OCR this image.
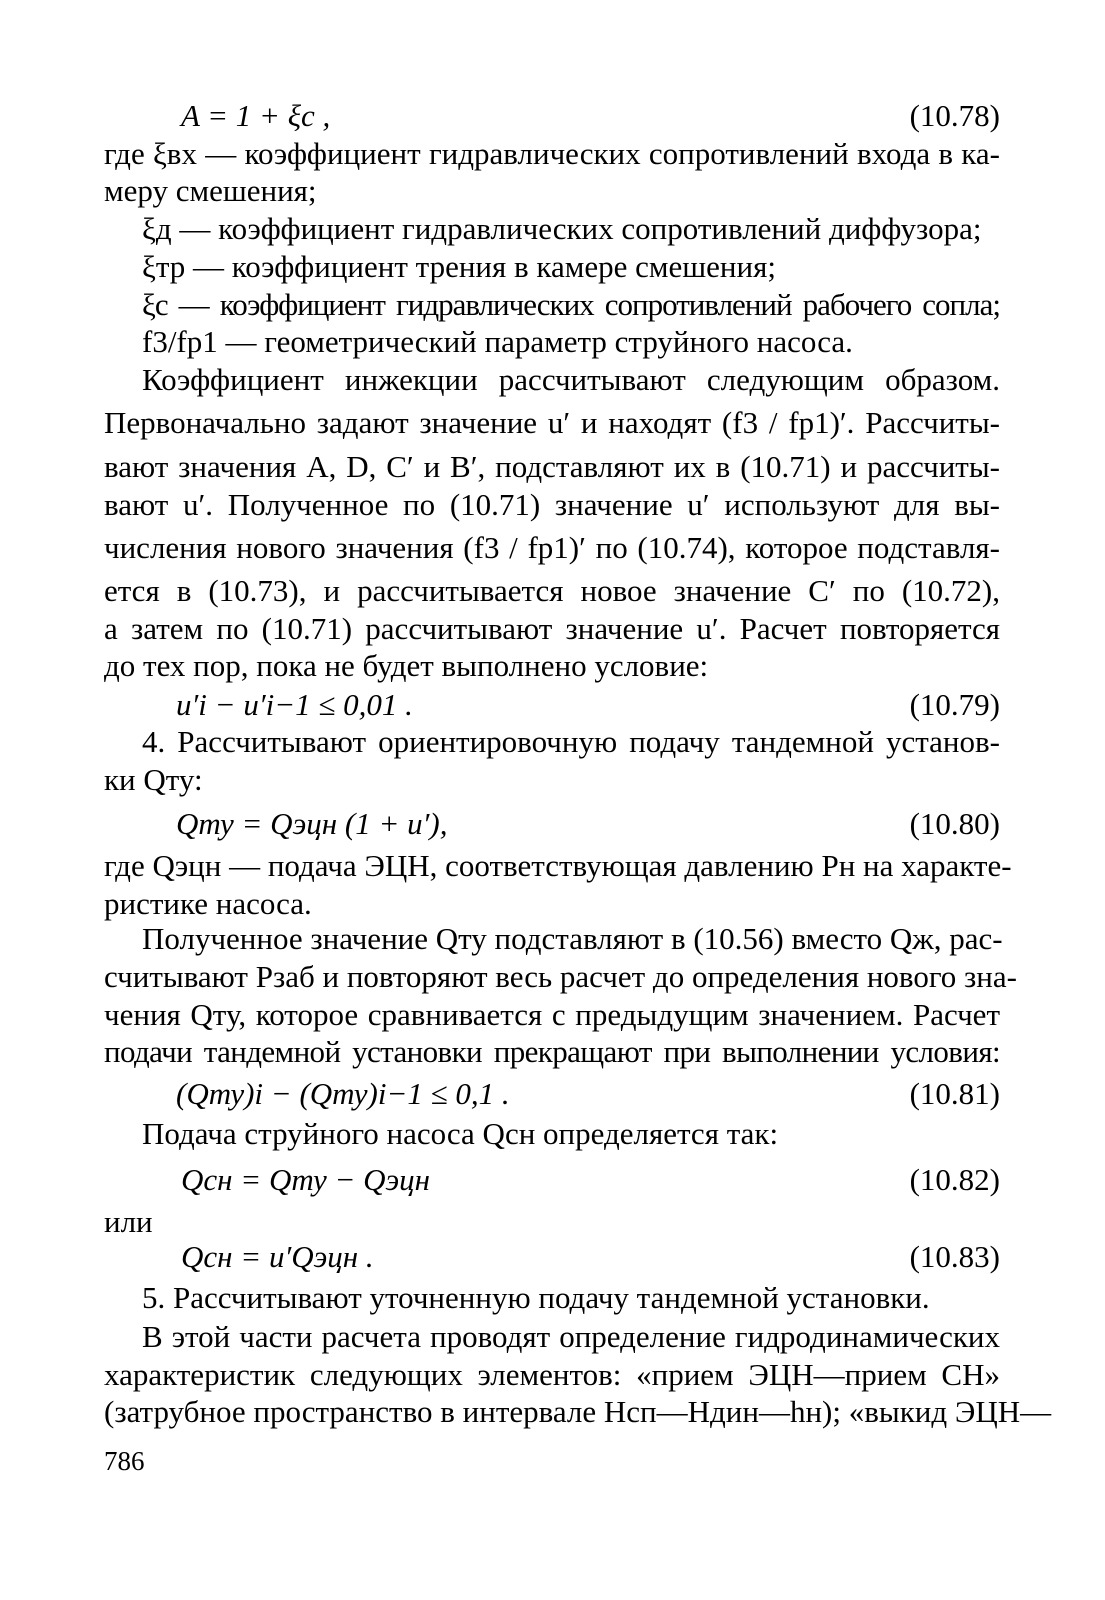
A = 1 + ξс ,	(10.78)
где ξвх — коэффициент гидравлических сопротивлений входа в ка-
меру смешения;
ξд — коэффициент гидравлических сопротивлений диффузора;
ξтр — коэффициент трения в камере смешения;
ξс — коэффициент гидравлических сопротивлений рабочего сопла;
f3/fр1 — геометрический параметр струйного насоса.
Коэффициент инжекции рассчитывают следующим образом.
Первоначально задают значение u′ и находят (f3 / fр1)′. Рассчиты-
вают значения A, D, C′ и B′, подставляют их в (10.71) и рассчиты-
вают u′. Полученное по (10.71) значение u′ используют для вы-
числения нового значения (f3 / fр1)′ по (10.74), которое подставля-
ется в (10.73), и рассчитывается новое значение C′ по (10.72),
а затем по (10.71) рассчитывают значение u′. Расчет повторяется
до тех пор, пока не будет выполнено условие:
u′i − u′i−1 ≤ 0,01 .	(10.79)
4. Рассчитывают ориентировочную подачу тандемной установ-
ки Qту:
Qту = Qэцн (1 + u′),	(10.80)
где Qэцн — подача ЭЦН, соответствующая давлению Pн на характе-
ристике насоса.
Полученное значение Qту подставляют в (10.56) вместо Qж, рас-
считывают Pзаб и повторяют весь расчет до определения нового зна-
чения Qту, которое сравнивается с предыдущим значением. Расчет
подачи тандемной установки прекращают при выполнении условия:
(Qту)i − (Qту)i−1 ≤ 0,1 .	(10.81)
Подача струйного насоса Qсн определяется так:
Qсн = Qту − Qэцн	(10.82)
или
Qсн = u′Qэцн .	(10.83)
5. Рассчитывают уточненную подачу тандемной установки.
В этой части расчета проводят определение гидродинамических
характеристик следующих элементов: «прием ЭЦН—прием СН»
(затрубное пространство в интервале Hсп—Hдин—hн); «выкид ЭЦН—
786
